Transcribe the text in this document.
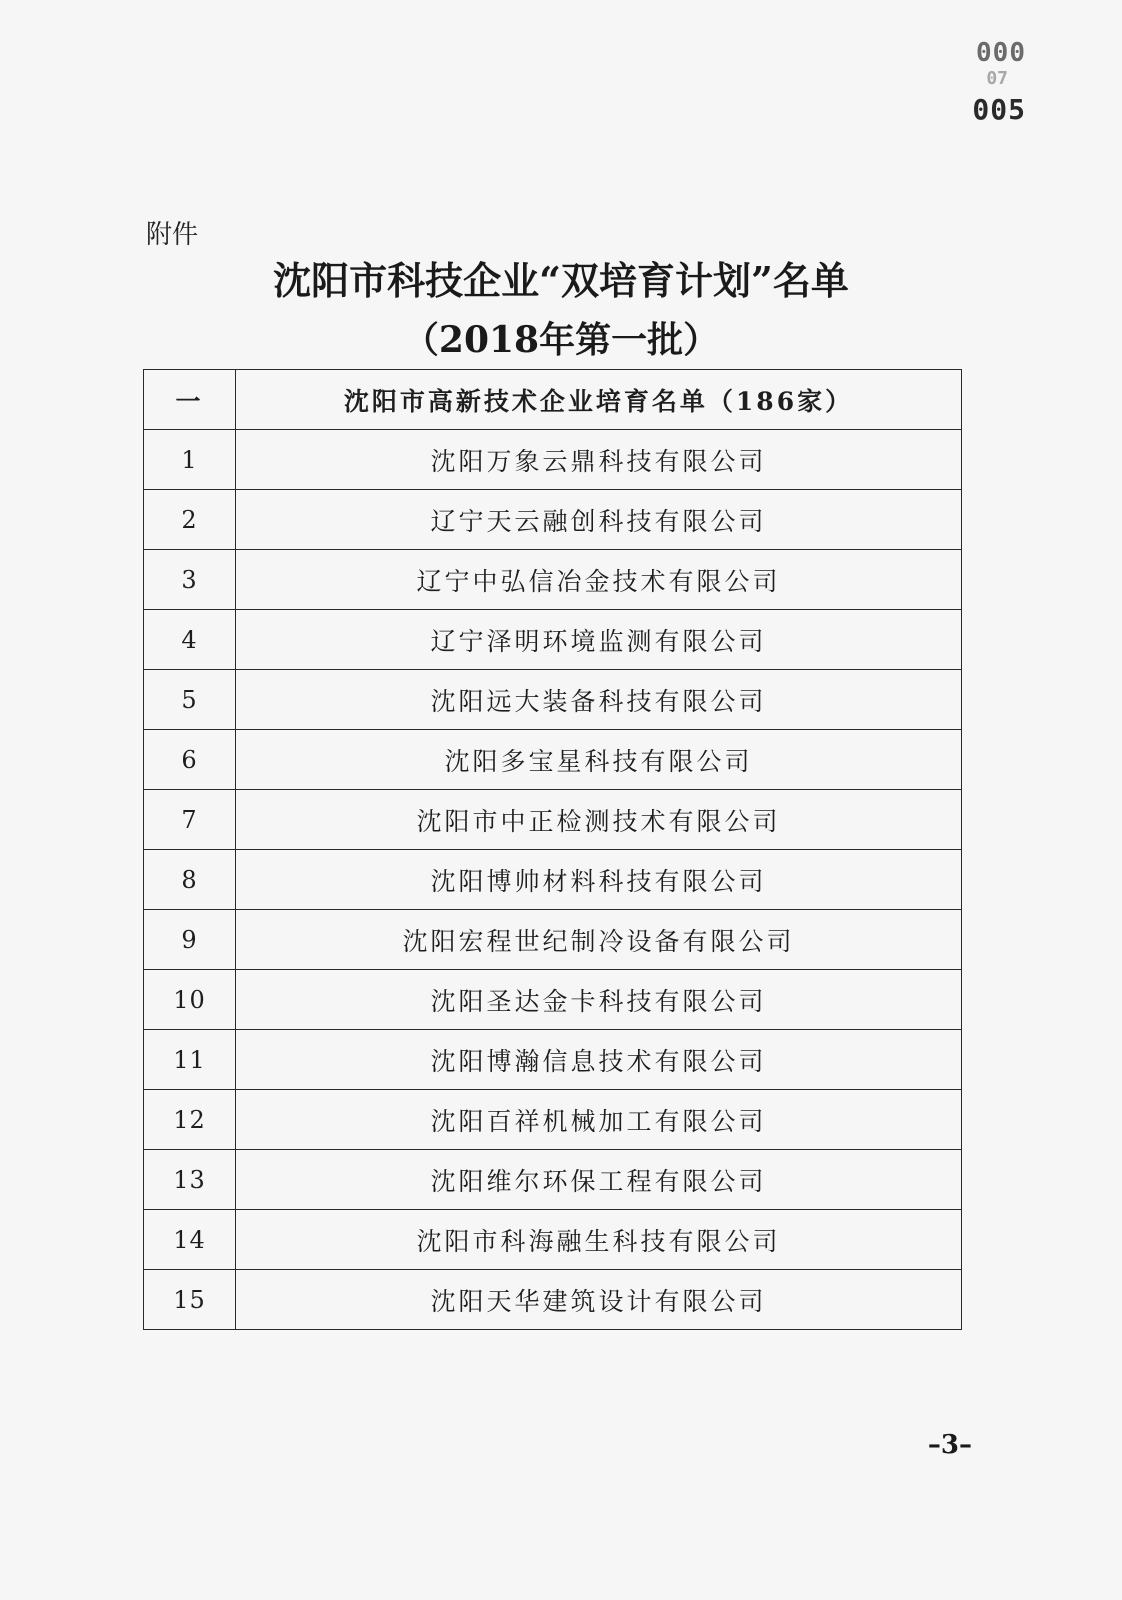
000
07
005
附件
沈阳市科技企业“双培育计划”名单
（2018年第一批）
一	沈阳市高新技术企业培育名单（186家）
1	沈阳万象云鼎科技有限公司
2	辽宁天云融创科技有限公司
3	辽宁中弘信冶金技术有限公司
4	辽宁泽明环境监测有限公司
5	沈阳远大装备科技有限公司
6	沈阳多宝星科技有限公司
7	沈阳市中正检测技术有限公司
8	沈阳博帅材料科技有限公司
9	沈阳宏程世纪制冷设备有限公司
10	沈阳圣达金卡科技有限公司
11	沈阳博瀚信息技术有限公司
12	沈阳百祥机械加工有限公司
13	沈阳维尔环保工程有限公司
14	沈阳市科海融生科技有限公司
15	沈阳天华建筑设计有限公司
–3–
